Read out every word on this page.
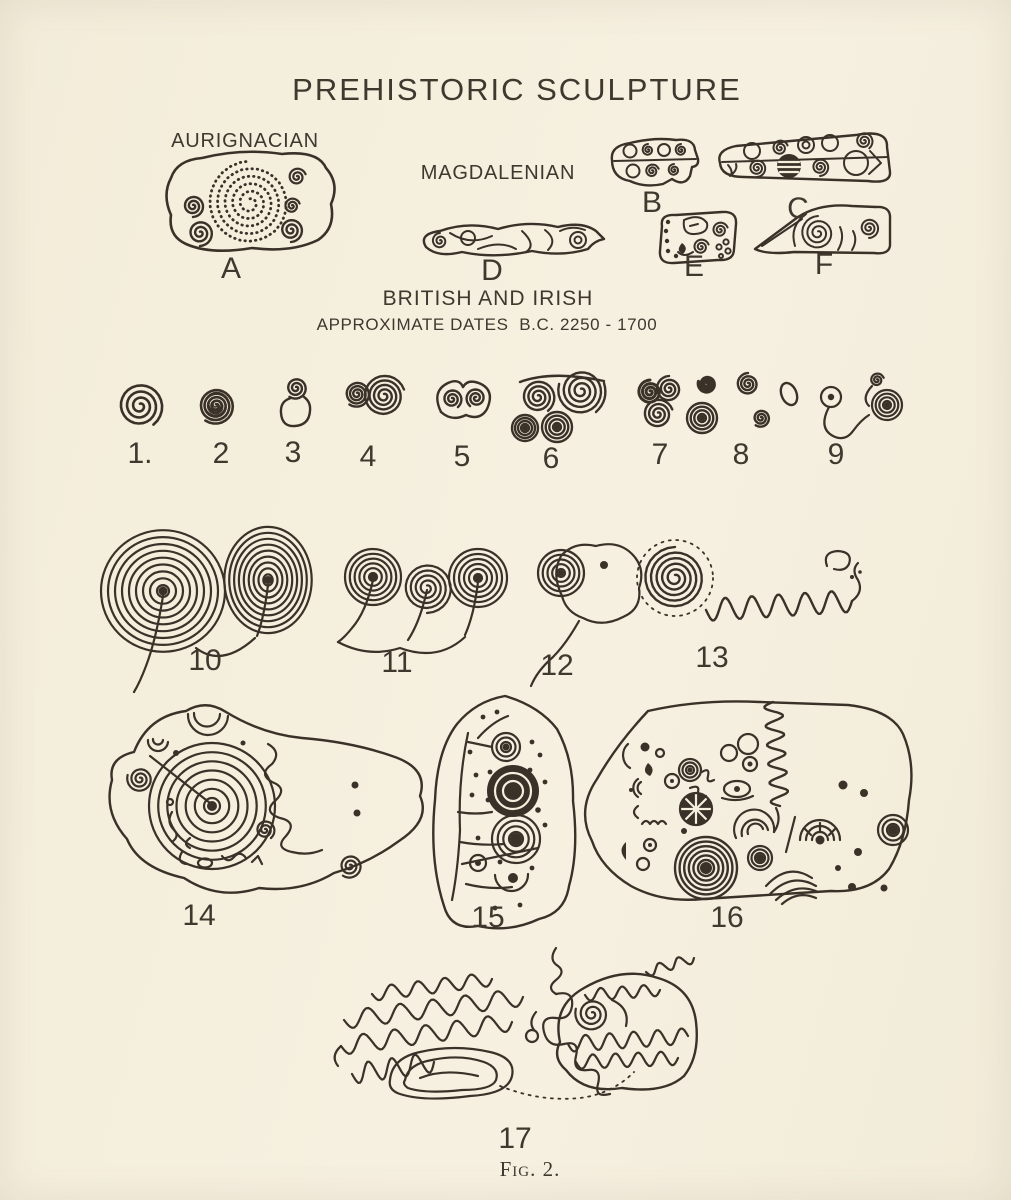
PREHISTORIC SCULPTURE
AURIGNACIAN
MAGDALENIAN
BRITISH AND IRISH
APPROXIMATE DATES  B.C. 2250 - 1700
A
B	C
D	E	F
1. 2 3 4	5 6	7 8	9
10	11	12	13
14	15	16
17
Fig. 2.
